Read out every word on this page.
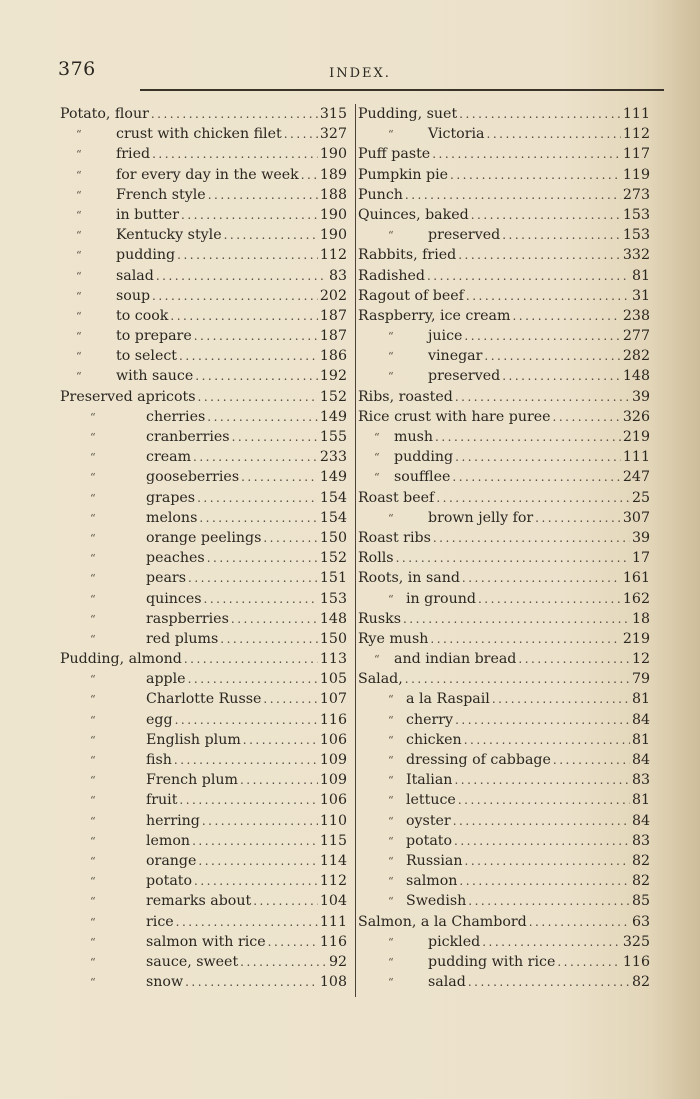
376	INDEX.
Potato, flour .....	315
“	crust with chicken filet .....	327
“	fried .....	190
“	for every day in the week ..... 189
“	French style .....	188
“	in butter .....	190
“	Kentucky style .....	190
“	pudding .....	112
“	salad .....	83
“	soup .....	202
“	to cook .....	187
“	to prepare .....	187
“	to select .....	186
“	with sauce .....	192
Preserved apricots .....	152
“	cherries .....	149
“	cranberries .....	155
“	cream .....	233
“	gooseberries .....	149
“	grapes .....	154
“	melons .....	154
“	orange peelings .....	150
“	peaches .....	152
“	pears .....	151
“	quinces .....	153
“	raspberries .....	148
“	red plums .....	150
Pudding, almond .....	113
“	apple .....	105
“	Charlotte Russe .....	107
“	egg .....	116
“	English plum .....	106
“	fish .....	109
“	French plum .....	109
“	fruit .....	106
“	herring .....	110
“	lemon .....	115
“	orange .....	114
“	potato .....	112
“	remarks about .....	104
“	rice .....	111
“	salmon with rice .....	116
“	sauce, sweet .....	92
“	snow .....	108
Pudding, suet .....	111
“	Victoria .....	112
Puff paste .....	117
Pumpkin pie .....	119
Punch .....	273
Quinces, baked .....	153
“	preserved .....	153
Rabbits, fried .....	332
Radished .....	81
Ragout of beef .....	31
Raspberry, ice cream .....	238
“	juice .....	277
“	vinegar .....	282
“	preserved .....	148
Ribs, roasted .....	39
Rice crust with hare puree .....	326
“	mush .....	219
“	pudding .....	111
“	soufflee .....	247
Roast beef .....	25
“	brown jelly for .....	307
Roast ribs .....	39
Rolls .....	17
Roots, in sand .....	161
“ in ground .....	162
Rusks .....	18
Rye mush .....	219
“	and indian bread .....	12
Salad, .....	79
“ a la Raspail .....	81
“ cherry .....	84
“ chicken .....	81
“ dressing of cabbage .....	84
“ Italian .....	83
“ lettuce .....	81
“ oyster .....	84
“ potato .....	83
“ Russian .....	82
“ salmon .....	82
“ Swedish .....	85
Salmon, a la Chambord .....	63
“	pickled .....	325
“	pudding with rice .....	116
“	salad .....	82
